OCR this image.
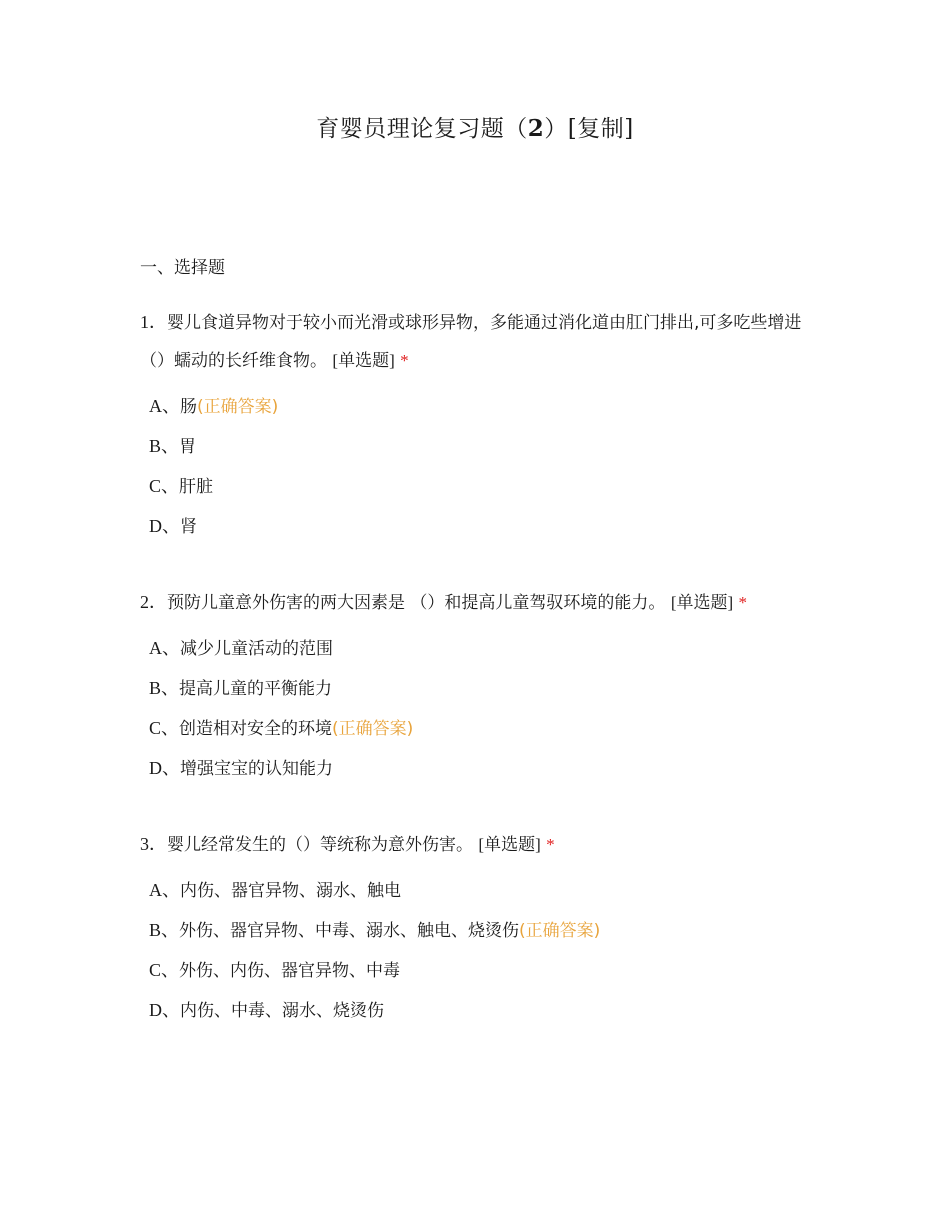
育婴员理论复习题（2）[复制]
一、选择题
1．婴儿食道异物对于较小而光滑或球形异物，多能通过消化道由肛门排出,可多吃些增进（）蠕动的长纤维食物。 [单选题] *
A、肠(正确答案)
B、胃
C、肝脏
D、肾
2．预防儿童意外伤害的两大因素是 （）和提高儿童驾驭环境的能力。 [单选题] *
A、减少儿童活动的范围
B、提高儿童的平衡能力
C、创造相对安全的环境(正确答案)
D、增强宝宝的认知能力
3．婴儿经常发生的（）等统称为意外伤害。 [单选题] *
A、内伤、器官异物、溺水、触电
B、外伤、器官异物、中毒、溺水、触电、烧烫伤(正确答案)
C、外伤、内伤、器官异物、中毒
D、内伤、中毒、溺水、烧烫伤
